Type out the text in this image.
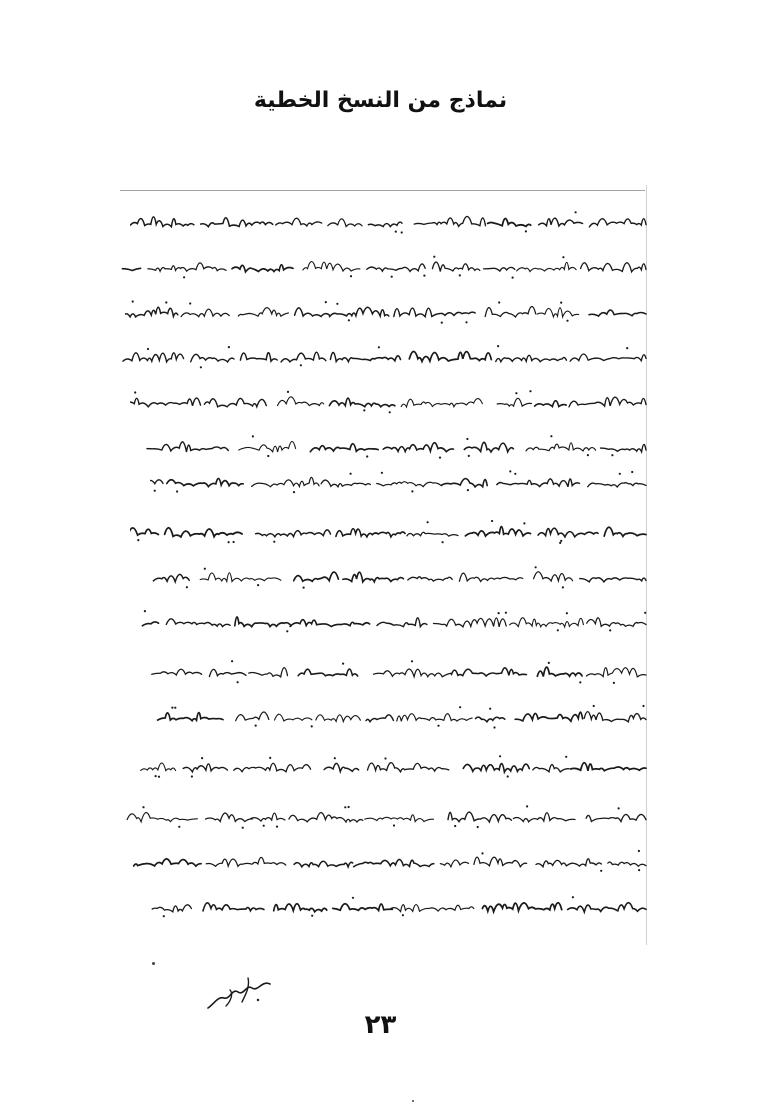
نماذج من النسخ الخطية
٢٣
